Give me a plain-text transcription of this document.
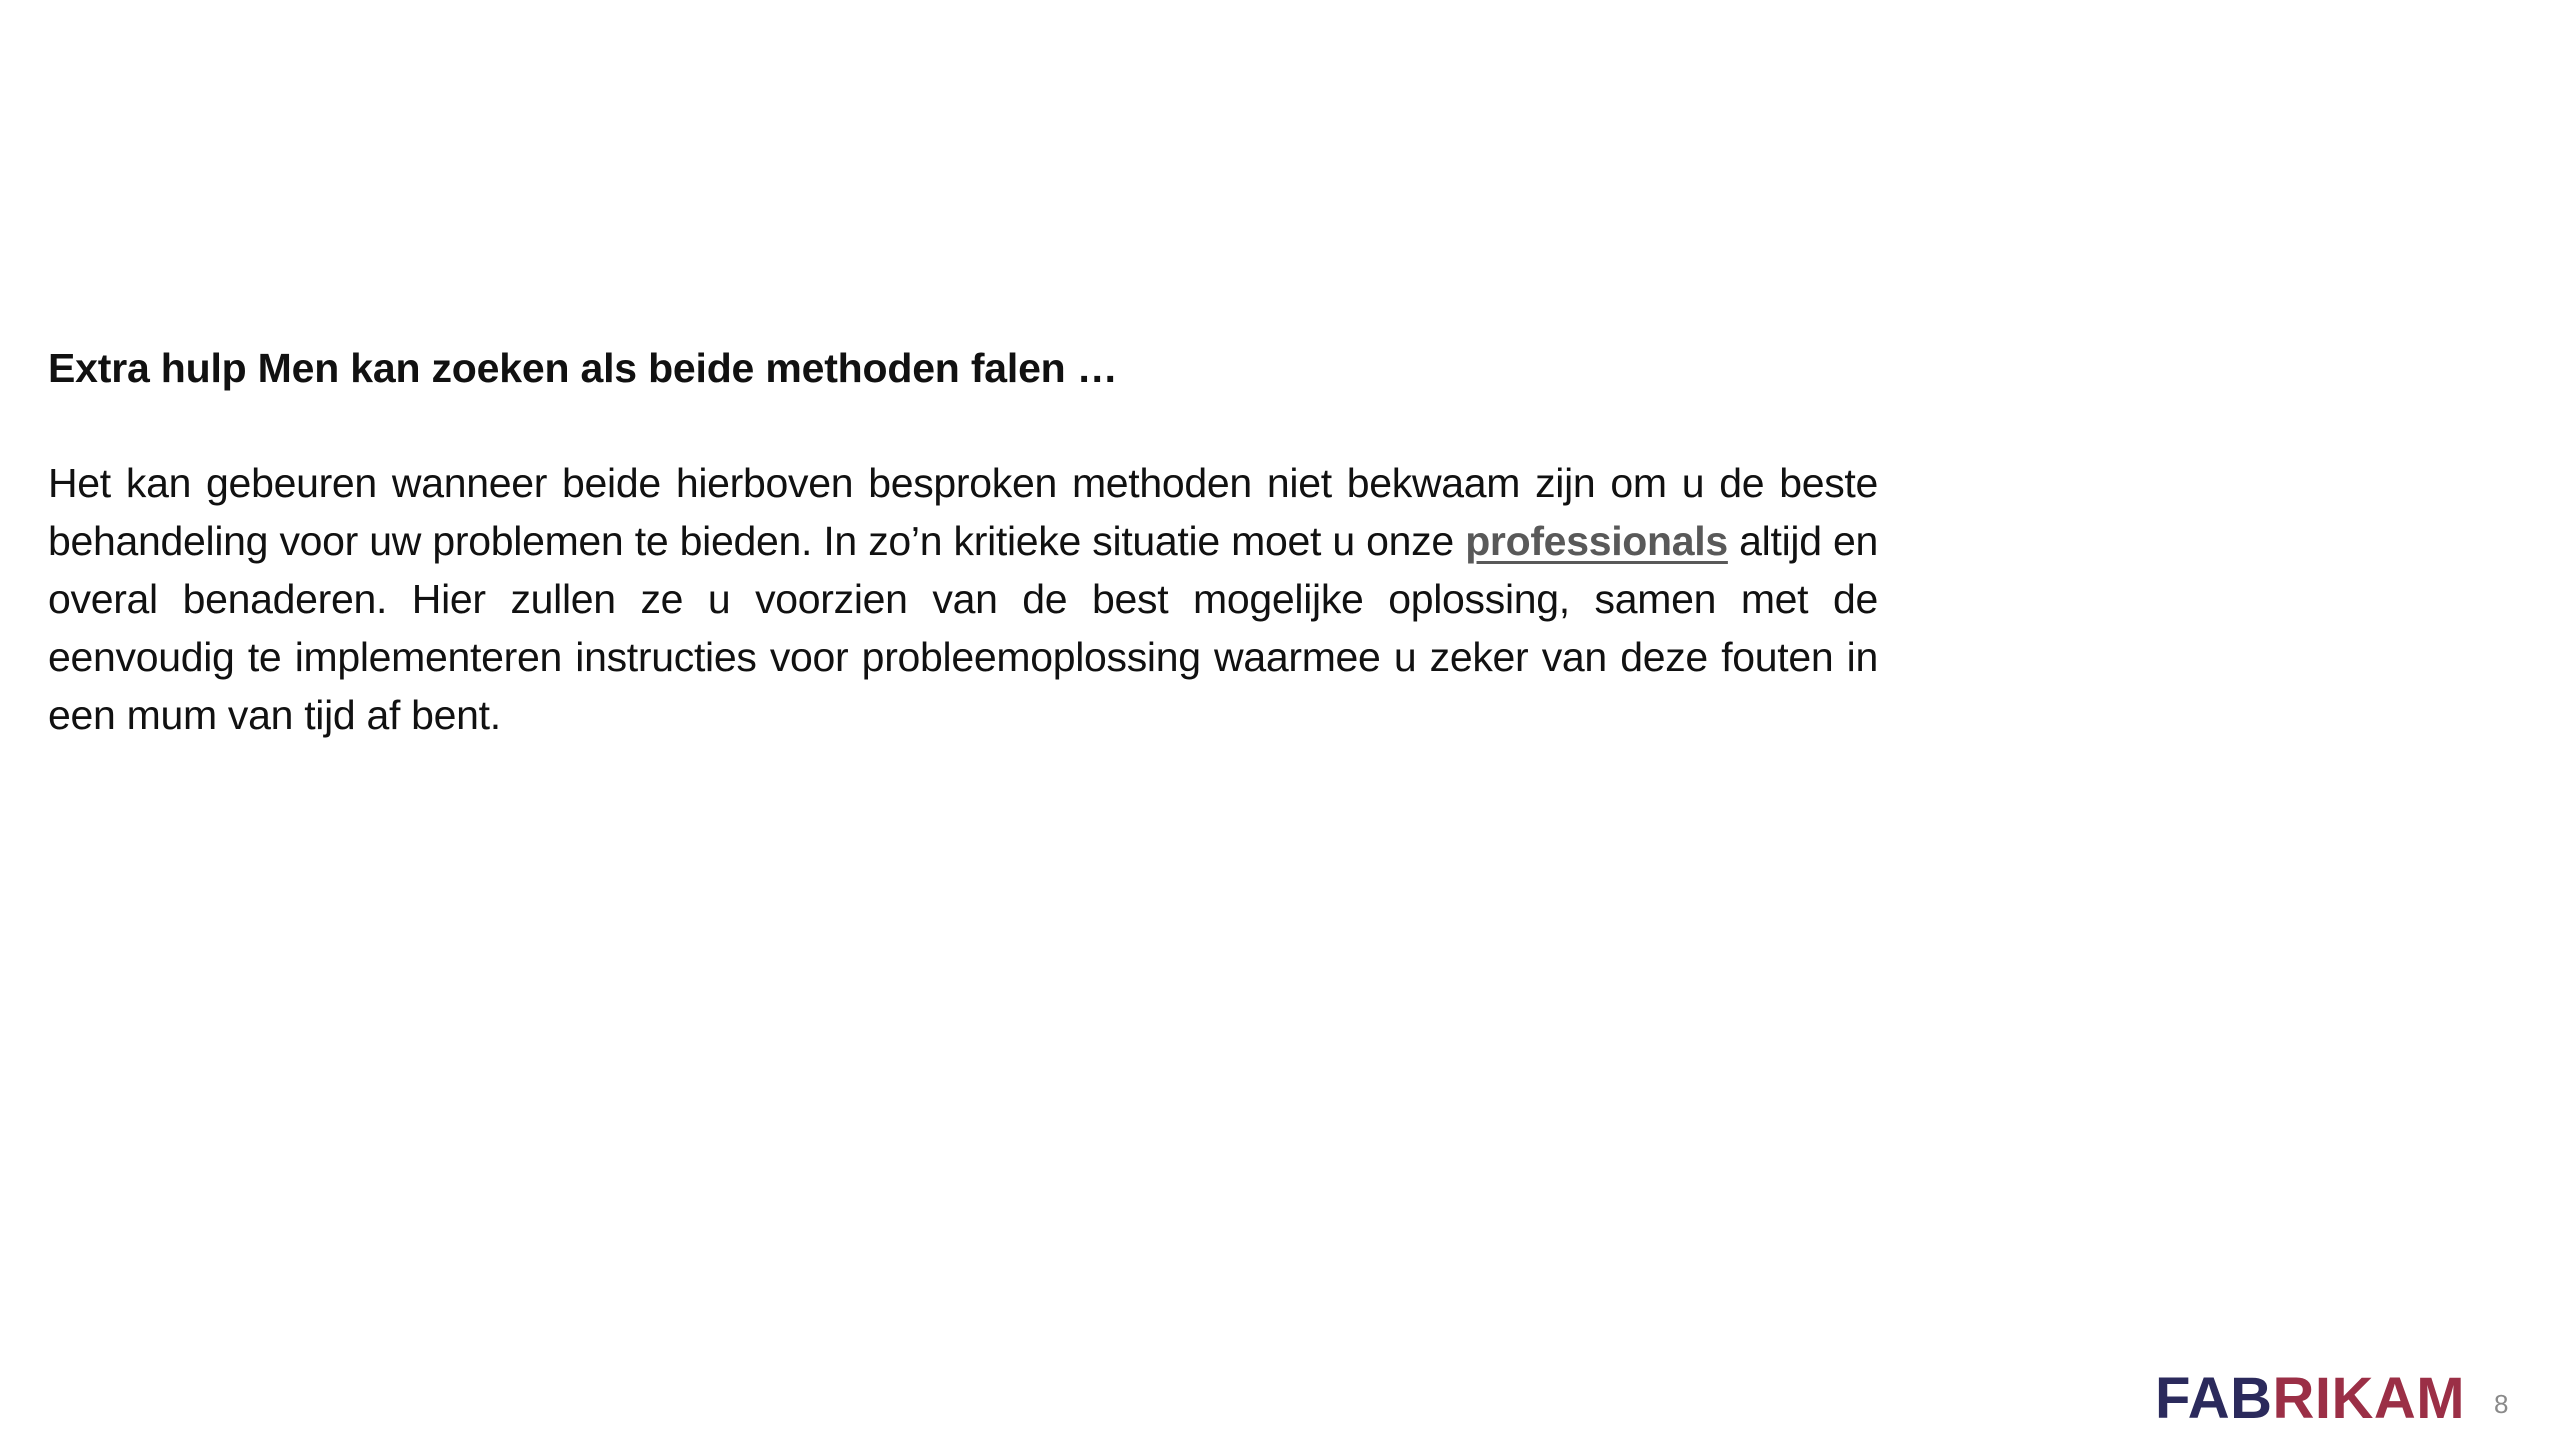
Extra hulp Men kan zoeken als beide methoden falen …

Het kan gebeuren wanneer beide hierboven besproken methoden niet bekwaam zijn om u de beste behandeling voor uw problemen te bieden. In zo’n kritieke situatie moet u onze professionals altijd en overal benaderen. Hier zullen ze u voorzien van de best mogelijke oplossing, samen met de eenvoudig te implementeren instructies voor probleemoplossing waarmee u zeker van deze fouten in een mum van tijd af bent.

FABRIKAM 8
